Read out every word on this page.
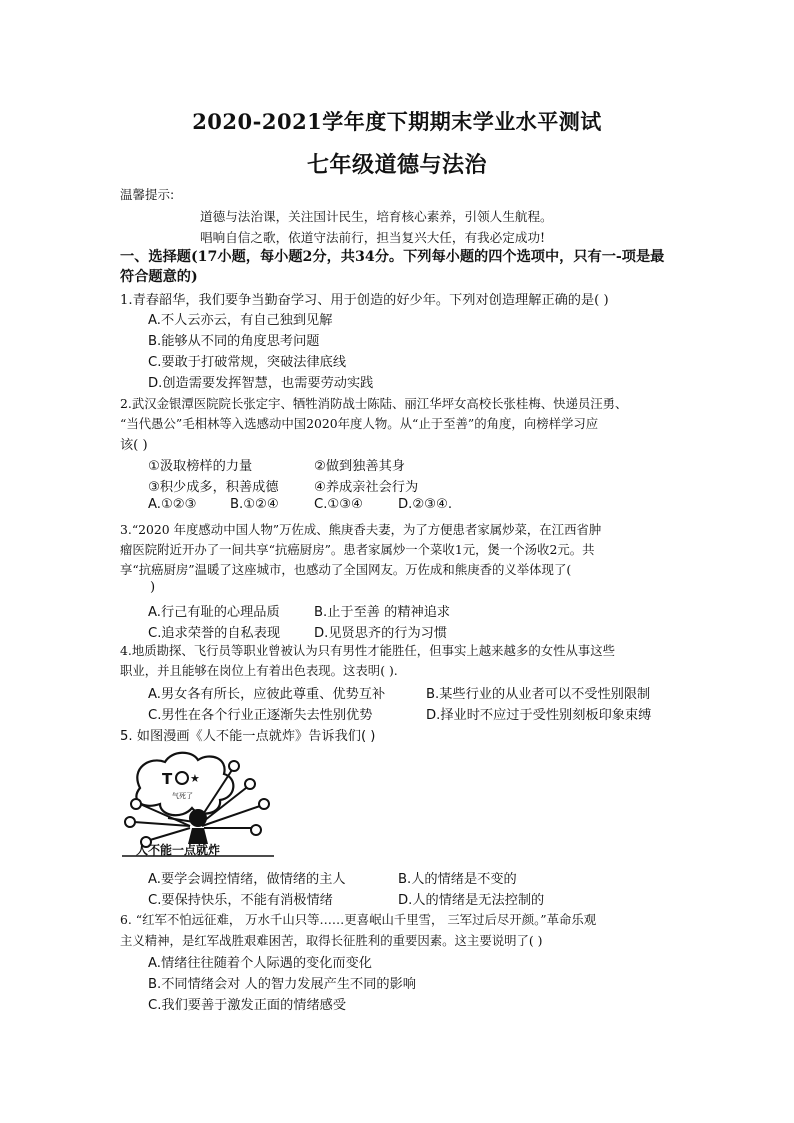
2020-2021学年度下期期末学业水平测试
七年级道德与法治
温馨提示:
道德与法治课，关注国计民生，培育核心素养，引领人生航程。
唱响自信之歌，依道守法前行，担当复兴大任，有我必定成功!
一、选择题(17小题，每小题2分，共34分。下列每小题的四个选项中，只有一-项是最
符合题意的)
1.青春韶华，我们要争当勤奋学习、用于创造的好少年。下列对创造理解正确的是( )
A.不人云亦云，有自己独到见解
B.能够从不同的角度思考问题
C.要敢于打破常规，突破法律底线
D.创造需要发挥智慧，也需要劳动实践
2.武汉金银潭医院院长张定宇、牺牲消防战士陈陆、丽江华坪女高校长张桂梅、快递员汪勇、
“当代愚公”毛相林等入选感动中国2020年度人物。从“止于至善”的角度，向榜样学习应
该( )
①汲取榜样的力量	②做到独善其身
③积少成多，积善成德	④养成亲社会行为
A.①②③	B.①②④	C.①③④	D.②③④.
3.“2020 年度感动中国人物”万佐成、熊庚香夫妻，为了方便患者家属炒菜，在江西省肿
瘤医院附近开办了一间共享“抗癌厨房”。患者家属炒一个菜收1元，煲一个汤收2元。共
享“抗癌厨房”温暖了这座城市，也感动了全国网友。万佐成和熊庚香的义举体现了(
)
A.行己有耻的心理品质	B.止于至善 的精神追求
C.追求荣誉的自私表现	D.见贤思齐的行为习惯
4.地质勘探、飞行员等职业曾被认为只有男性才能胜任，但事实上越来越多的女性从事这些
职业，并且能够在岗位上有着出色表现。这表明( ).
A.男女各有所长，应彼此尊重、优势互补	B.某些行业的从业者可以不受性别限制
C.男性在各个行业正逐渐失去性别优势	D.择业时不应过于受性别刻板印象束缚
5. 如图漫画《人不能一点就炸》告诉我们( )
T ★
气死了
人不能一点就炸
A.要学会调控情绪，做情绪的主人	B.人的情绪是不变的
C.要保持快乐，不能有消极情绪	D.人的情绪是无法控制的
6. “红军不怕远征难， 万水千山只等……更喜岷山千里雪， 三军过后尽开颜。”革命乐观
主义精神，是红军战胜艰难困苦，取得长征胜利的重要因素。这主要说明了( )
A.情绪往往随着个人际遇的变化而变化
B.不同情绪会对 人的智力发展产生不同的影响
C.我们要善于激发正面的情绪感受
